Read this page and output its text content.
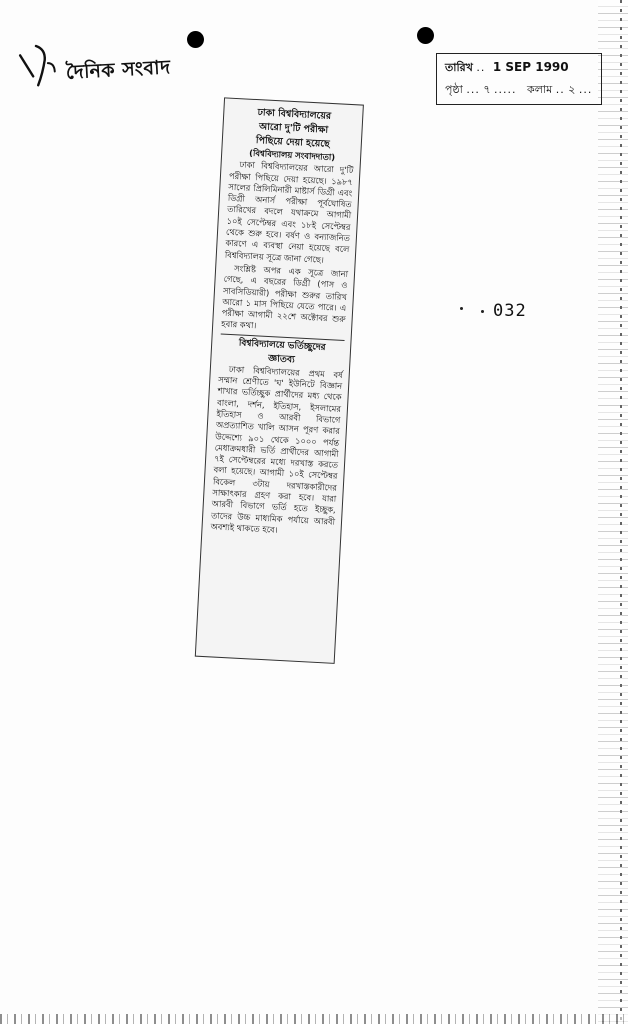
দৈনিক সংবাদ	তারিখ .. 1 SEP 1990
পৃষ্ঠা ... ৭ ..... কলাম .. ২ ...
032
ঢাকা বিশ্ববিদ্যালয়ের
আরো দু'টি পরীক্ষা
পিছিয়ে দেয়া হয়েছে
(বিশ্ববিদ্যালয় সংবাদদাতা)

ঢাকা বিশ্ববিদ্যালয়ের আরো দু'টি পরীক্ষা পিছিয়ে দেয়া হয়েছে। ১৯৮৭ সালের প্রিলিমিনারী মাষ্টার্স ডিগ্রী এবং ডিগ্রী অনার্স পরীক্ষা পূর্বঘোষিত তারিখের বদলে যথাক্রমে আগামী ১০ই সেপ্টেম্বর এবং ১৮ই সেপ্টেম্বর থেকে শুরু হবে। বর্ষণ ও বন্যাজনিত কারণে এ ব্যবস্থা নেয়া হয়েছে বলে বিশ্ববিদ্যালয় সূত্রে জানা গেছে।

সংশ্লিষ্ট অপর এক সূত্রে জানা গেছে, এ বছরের ডিগ্রী (পাস ও সাবসিডিয়ারী) পরীক্ষা শুরুর তারিখ আরো ১ মাস পিছিয়ে যেতে পারে। এ পরীক্ষা আগামী ২২শে অক্টোবর শুরু হবার কথা।

বিশ্ববিদ্যালয়ে ভর্তিচ্ছুদের
জ্ঞাতব্য

ঢাকা বিশ্ববিদ্যালয়ের প্রথম বর্ষ সম্মান শ্রেণীতে 'ঘ' ইউনিটে বিজ্ঞান শাখার ভর্তিচ্ছুক প্রার্থীদের মধ্য থেকে বাংলা, দর্শন, ইতিহাস, ইসলামের ইতিহাস ও আরবী বিভাগে অপ্রত্যাশিত খালি আসন পূরণ করার উদ্দেশ্যে ৯০১ থেকে ১০০০ পর্যন্ত মেধাক্রমধারী ভর্তি প্রার্থীদের আগামী ৭ই সেপ্টেম্বরের মধ্যে দরখাস্ত করতে বলা হয়েছে। আগামী ১০ই সেপ্টেম্বর বিকেল ৩টায় দরখাস্তকারীদের সাক্ষাৎকার গ্রহণ করা হবে। যারা আরবী বিভাগে ভর্তি হতে ইচ্ছুক, তাদের উচ্চ মাধ্যমিক পর্যায়ে আরবী অবশ্যই থাকতে হবে।
